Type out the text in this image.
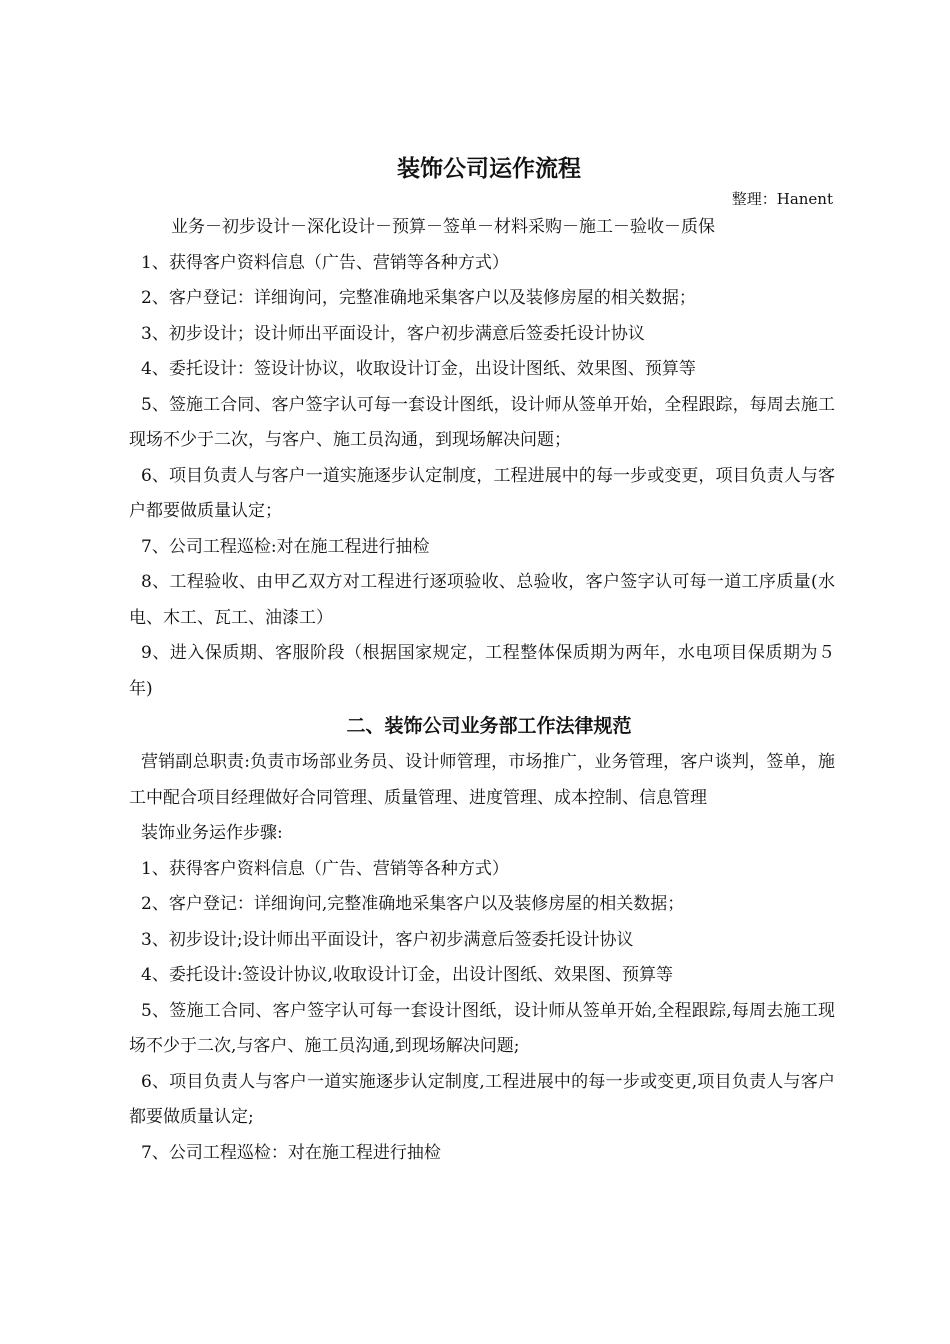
装饰公司运作流程

整理：Hanent

业务－初步设计－深化设计－预算－签单－材料采购－施工－验收－质保

1、获得客户资料信息（广告、营销等各种方式）

2、客户登记：详细询问，完整准确地采集客户以及装修房屋的相关数据；

3、初步设计；设计师出平面设计，客户初步满意后签委托设计协议

4、委托设计：签设计协议，收取设计订金，出设计图纸、效果图、预算等

5、签施工合同、客户签字认可每一套设计图纸，设计师从签单开始，全程跟踪，每周去施工现场不少于二次，与客户、施工员沟通，到现场解决问题；

6、项目负责人与客户一道实施逐步认定制度，工程进展中的每一步或变更，项目负责人与客户都要做质量认定；

7、公司工程巡检:对在施工程进行抽检

8、工程验收、由甲乙双方对工程进行逐项验收、总验收，客户签字认可每一道工序质量(水电、木工、瓦工、油漆工）

9、进入保质期、客服阶段（根据国家规定，工程整体保质期为两年，水电项目保质期为５年)

二、装饰公司业务部工作法律规范

营销副总职责:负责市场部业务员、设计师管理，市场推广，业务管理，客户谈判，签单，施工中配合项目经理做好合同管理、质量管理、进度管理、成本控制、信息管理

装饰业务运作步骤:

1、获得客户资料信息（广告、营销等各种方式）

2、客户登记：详细询问,完整准确地采集客户以及装修房屋的相关数据；

3、初步设计;设计师出平面设计，客户初步满意后签委托设计协议

4、委托设计:签设计协议,收取设计订金，出设计图纸、效果图、预算等

5、签施工合同、客户签字认可每一套设计图纸，设计师从签单开始,全程跟踪,每周去施工现场不少于二次,与客户、施工员沟通,到现场解决问题;

6、项目负责人与客户一道实施逐步认定制度,工程进展中的每一步或变更,项目负责人与客户都要做质量认定;

7、公司工程巡检：对在施工程进行抽检
